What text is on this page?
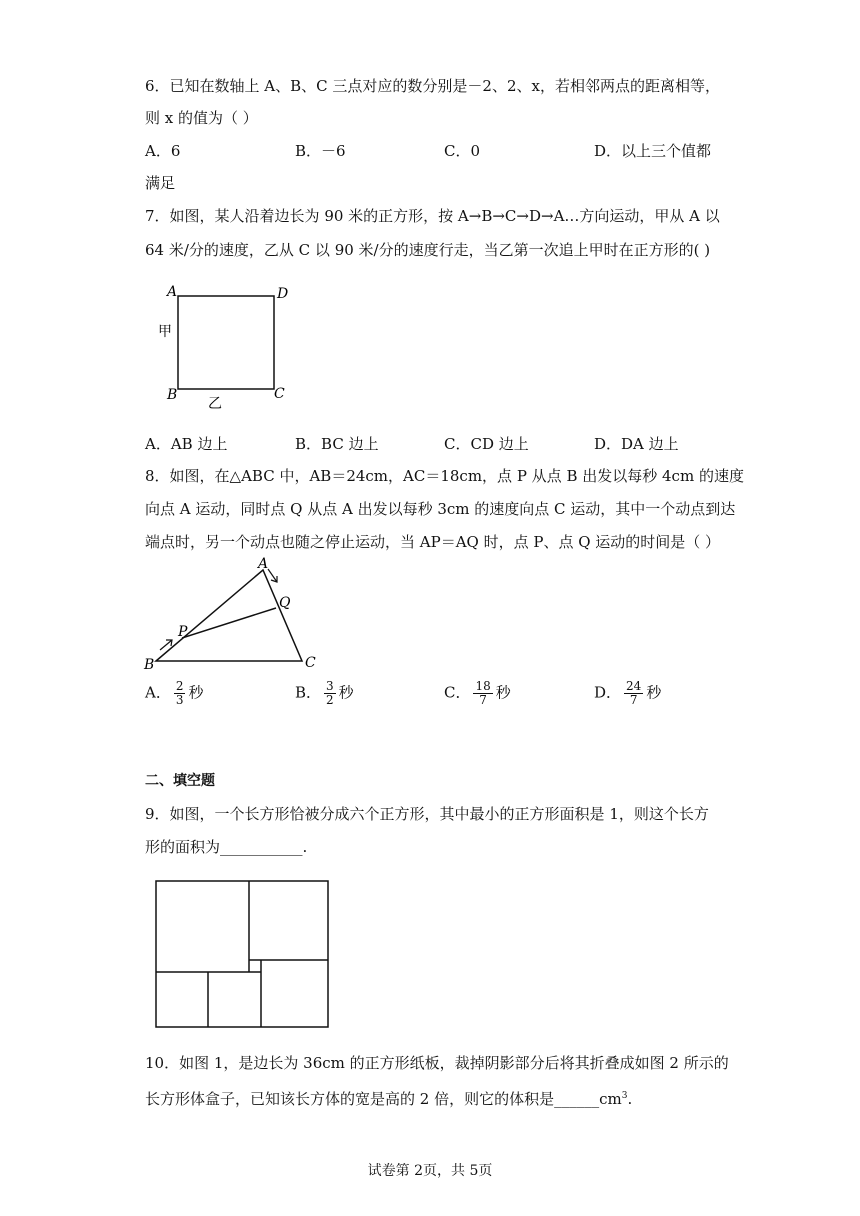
6．已知在数轴上 A、B、C 三点对应的数分别是－2、2、x，若相邻两点的距离相等，
则 x 的值为（ ）
A．6	B．－6	C．0	D．以上三个值都
满足
7．如图，某人沿着边长为 90 米的正方形，按 A→B→C→D→A…方向运动，甲从 A 以
64 米/分的速度，乙从 C 以 90 米/分的速度行走，当乙第一次追上甲时在正方形的( )
A	D
B	C
甲
乙
A．AB 边上	B．BC 边上	C．CD 边上	D．DA 边上
8．如图，在△ABC 中，AB＝24cm，AC＝18cm，点 P 从点 B 出发以每秒 4cm 的速度
向点 A 运动，同时点 Q 从点 A 出发以每秒 3cm 的速度向点 C 运动，其中一个动点到达
端点时，另一个动点也随之停止运动，当 AP＝AQ 时，点 P、点 Q 运动的时间是（ ）
A
Q
P
B	C
A． $\frac{2}{3}$ 秒	B． $\frac{3}{2}$ 秒	C． $\frac{18}{7}$ 秒	D． $\frac{24}{7}$ 秒
二、填空题
9．如图，一个长方形恰被分成六个正方形，其中最小的正方形面积是 1，则这个长方
形的面积为___________.
10．如图 1，是边长为 36cm 的正方形纸板，裁掉阴影部分后将其折叠成如图 2 所示的
长方形体盒子，已知该长方体的宽是高的 2 倍，则它的体积是$\_\_\_\_\_\_cm^3$.
试卷第 2页，共 5页
